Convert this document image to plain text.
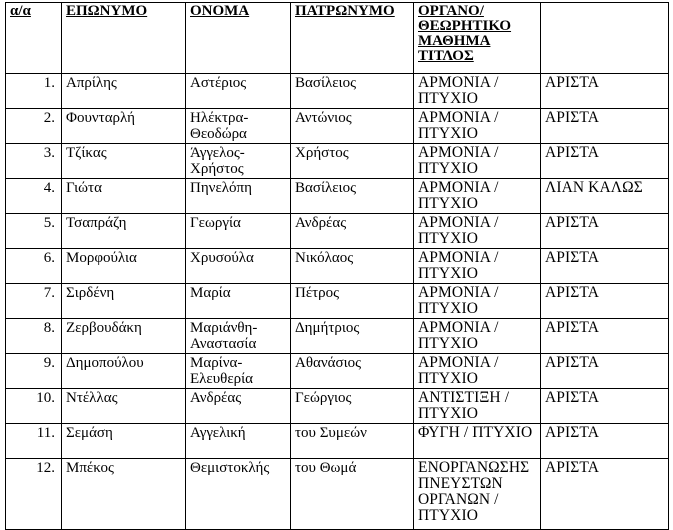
α/α	ΕΠΩΝΥΜΟ	ΟΝΟΜΑ	ΠΑΤΡΩΝΥΜΟ	ΟΡΓΑΝΟ/ ΘΕΩΡΗΤΙΚΟ ΜΑΘΗΜΑ ΤΙΤΛΟΣ	
1.	Απρίλης	Αστέριος	Βασίλειος	ΑΡΜΟΝΙΑ /ΠΤΥΧΙΟ	ΑΡΙΣΤΑ
2.	Φουνταρλή	Ηλέκτρα-Θεοδώρα	Αντώνιος	ΑΡΜΟΝΙΑ / ΠΤΥΧΙΟ	ΑΡΙΣΤΑ
3.	Τζίκας	Άγγελος-Χρήστος	Χρήστος	ΑΡΜΟΝΙΑ / ΠΤΥΧΙΟ	ΑΡΙΣΤΑ
4.	Γιώτα	Πηνελόπη	Βασίλειος	ΑΡΜΟΝΙΑ / ΠΤΥΧΙΟ	ΛΙΑΝ ΚΑΛΩΣ
5.	Τσαπράζη	Γεωργία	Ανδρέας	ΑΡΜΟΝΙΑ / ΠΤΥΧΙΟ	ΑΡΙΣΤΑ
6.	Μορφούλια	Χρυσούλα	Νικόλαος	ΑΡΜΟΝΙΑ / ΠΤΥΧΙΟ	ΑΡΙΣΤΑ
7.	Σιρδένη	Μαρία	Πέτρος	ΑΡΜΟΝΙΑ / ΠΤΥΧΙΟ	ΑΡΙΣΤΑ
8.	Ζερβουδάκη	Μαριάνθη-Αναστασία	Δημήτριος	ΑΡΜΟΝΙΑ / ΠΤΥΧΙΟ	ΑΡΙΣΤΑ
9.	Δημοπούλου	Μαρίνα-Ελευθερία	Αθανάσιος	ΑΡΜΟΝΙΑ / ΠΤΥΧΙΟ	ΑΡΙΣΤΑ
10.	Ντέλλας	Ανδρέας	Γεώργιος	ΑΝΤΙΣΤΙΞΗ / ΠΤΥΧΙΟ	ΑΡΙΣΤΑ
11.	Σεμάση	Αγγελική	του Συμεών	ΦΥΓΗ / ΠΤΥΧΙΟ	ΑΡΙΣΤΑ
12.	Μπέκος	Θεμιστοκλής	του Θωμά	ΕΝΟΡΓΑΝΩΣΗΣ ΠΝΕΥΣΤΩΝ ΟΡΓΑΝΩΝ / ΠΤΥΧΙΟ	ΑΡΙΣΤΑ
